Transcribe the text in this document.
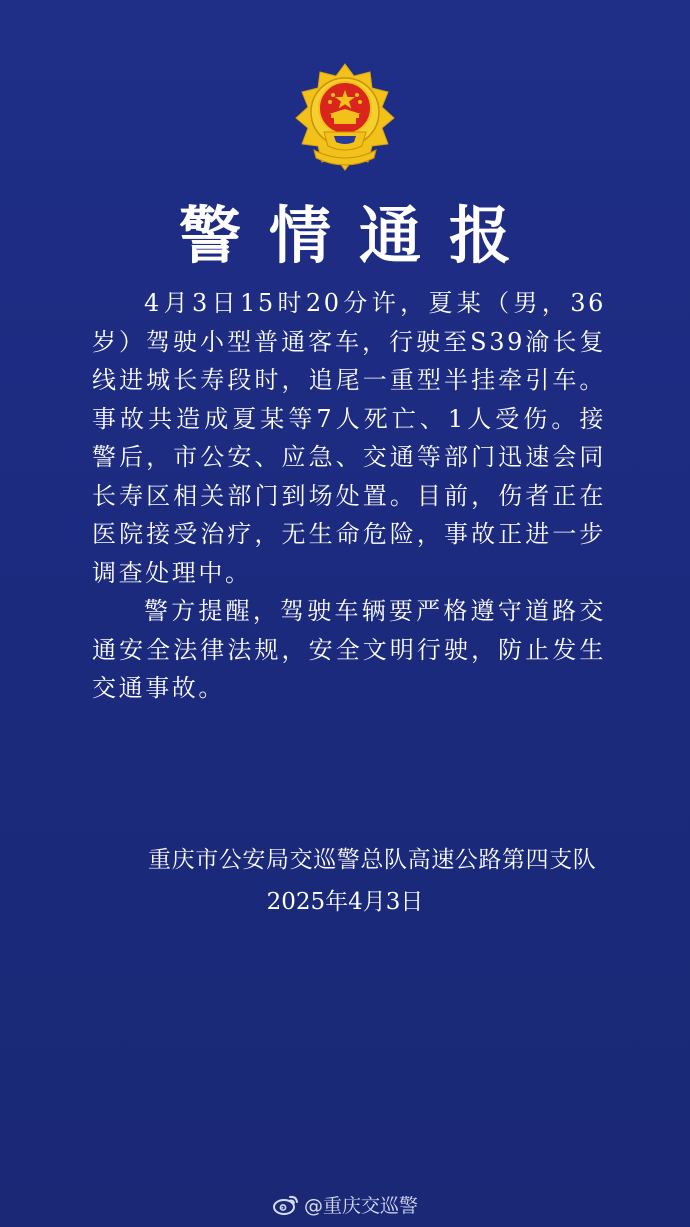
警情通报

4月3日15时20分许，夏某（男，36岁）驾驶小型普通客车，行驶至S39渝长复线进城长寿段时，追尾一重型半挂牵引车。事故共造成夏某等7人死亡、1人受伤。接警后，市公安、应急、交通等部门迅速会同长寿区相关部门到场处置。目前，伤者正在医院接受治疗，无生命危险，事故正进一步调查处理中。

警方提醒，驾驶车辆要严格遵守道路交通安全法律法规，安全文明行驶，防止发生交通事故。

重庆市公安局交巡警总队高速公路第四支队
2025年4月3日
@重庆交巡警
